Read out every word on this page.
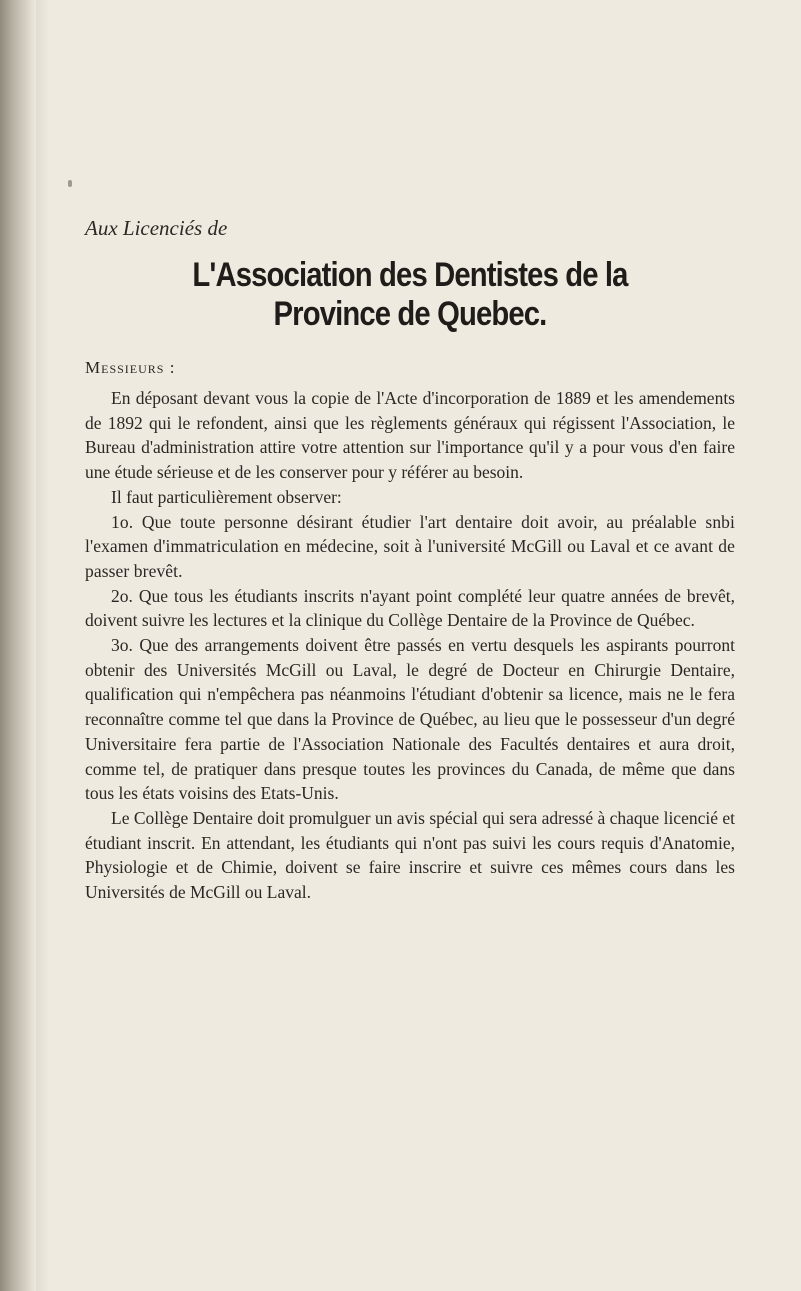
Aux Licenciés de
L'Association des Dentistes de la Province de Quebec.
Messieurs :

En déposant devant vous la copie de l'Acte d'incorporation de 1889 et les amendements de 1892 qui le refondent, ainsi que les règlements généraux qui régissent l'Association, le Bureau d'administration attire votre attention sur l'importance qu'il y a pour vous d'en faire une étude sérieuse et de les conserver pour y référer au besoin.

Il faut particulièrement observer:

1o. Que toute personne désirant étudier l'art dentaire doit avoir, au préalable snbi l'examen d'immatriculation en médecine, soit à l'université McGill ou Laval et ce avant de passer brevêt.

2o. Que tous les étudiants inscrits n'ayant point complété leur quatre années de brevêt, doivent suivre les lectures et la clinique du Collège Dentaire de la Province de Québec.

3o. Que des arrangements doivent être passés en vertu desquels les aspirants pourront obtenir des Universités McGill ou Laval, le degré de Docteur en Chirurgie Dentaire, qualification qui n'empêchera pas néanmoins l'étudiant d'obtenir sa licence, mais ne le fera reconnaître comme tel que dans la Province de Québec, au lieu que le possesseur d'un degré Universitaire fera partie de l'Association Nationale des Facultés dentaires et aura droit, comme tel, de pratiquer dans presque toutes les provinces du Canada, de même que dans tous les états voisins des Etats-Unis.

Le Collège Dentaire doit promulguer un avis spécial qui sera adressé à chaque licencié et étudiant inscrit. En attendant, les étudiants qui n'ont pas suivi les cours requis d'Anatomie, Physiologie et de Chimie, doivent se faire inscrire et suivre ces mêmes cours dans les Universités de McGill ou Laval.
